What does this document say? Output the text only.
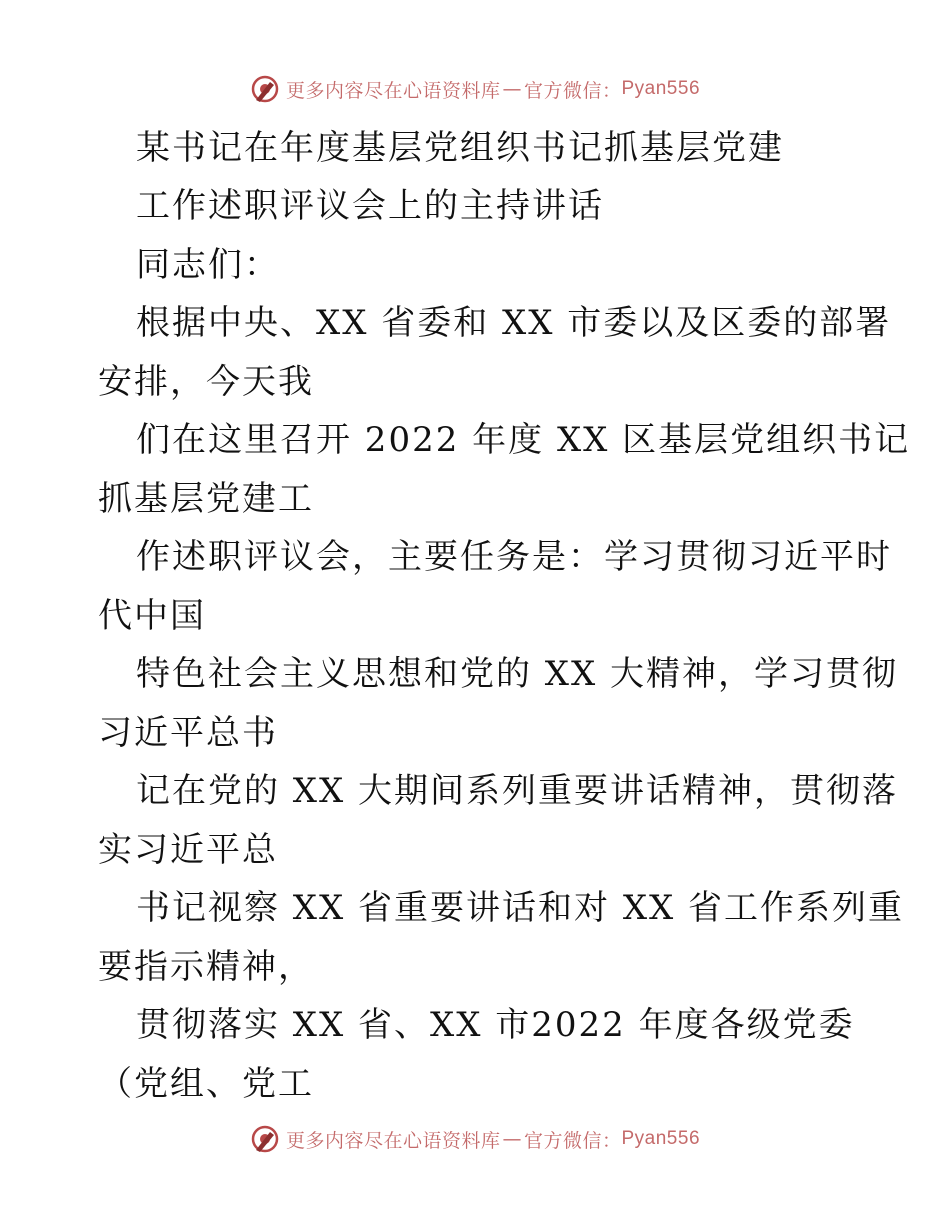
更多内容尽在心语资料库 — 官方微信： Pyan556
某书记在年度基层党组织书记抓基层党建
工作述职评议会上的主持讲话
同志们：
根据中央、XX 省委和 XX 市委以及区委的部署
安排，今天我
们在这里召开 2022 年度 XX 区基层党组织书记
抓基层党建工
作述职评议会，主要任务是：学习贯彻习近平时
代中国
特色社会主义思想和党的 XX 大精神，学习贯彻
习近平总书
记在党的 XX 大期间系列重要讲话精神，贯彻落
实习近平总
书记视察 XX 省重要讲话和对 XX 省工作系列重
要指示精神，
贯彻落实 XX 省、XX 市2022 年度各级党委
（党组、党工
更多内容尽在心语资料库 — 官方微信： Pyan556
